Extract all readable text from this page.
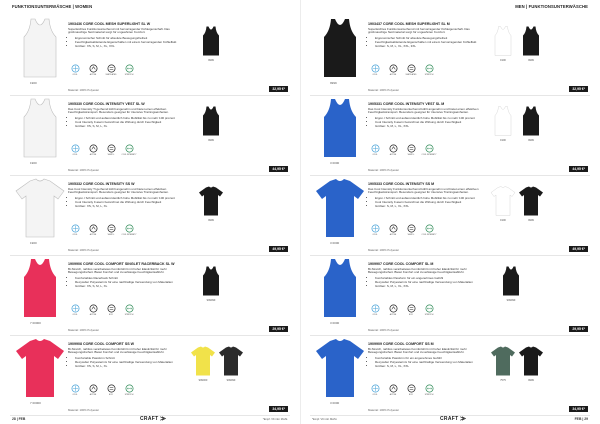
FUNKTIONSUNTERWÄSCHE | WOMEN
1900
1903436 CORE COOL MESH SUPERLIGHT SL W
Superleichtes Funktionsunterhemd mit hervorragender Kühleigenschaft. Das großmaschige Netzmaterial sorgt für ungeahnten Komfort.
• Ergonomischer Schnitt für absolute Bewegungsfreiheit
• Feuchtigkeitsableitende Eigenschaften mit einem hervorragenden Kühleffekt
• Größen: XS, S, M, L, XL, XXL
COOL	ACTIVE	VENTILATED	STRETCH
9999
Material: 100% Polyester	32,95 €*
1900
1905330 CORE COOL INTENSITY VEST SL W
Das Cool Intensity Tr.gerhemd kühlt angenehm und bietet einen effektiven Feuchtigkeitstransport. Besonders geeignet für intensive Trainingseinheiten.
• Ergon.r Schnitt und außerordentlich hohe Mobilität bis zu mehr 100 prozent
• Cool Intensity F.asern bezeichnet die Wirkung durch Feuchtigkeit
• Größen: XS, S, M, L, XL
COOL	ACTIVE	VENTIL.	COOL INTENSITY
9999
Material: 100% Polyester	44,95 €*
1900
1905332 CORE COOL INTENSITY SS W
Das Cool Intensity Tr.gerhemd kühlt angenehm und bietet einen effektiven Feuchtigkeitstransport. Besonders geeignet für intensive Trainingseinheiten.
• Ergon.r Schnitt und außerordentlich hohe Mobilität bis zu mehr 100 prozent
• Cool Intensity F.asern bezeichnet die Wirkung durch Feuchtigkeit
• Größen: XS, S, M, L, XL
COOL	ACTIVE	VENTIL.	COOL INTENSITY
9999
Material: 100% Polyester	49,95 €*
7 00000
1909906 CORE COOL COMFORT SINGLET RACERBACK SL W
Bi-Stretch, nahtlos verarbeitetes Komfortshirt mit hoher Elastizität für mehr Bewegungsfreiheit. Bietet Komfort und zuverlässige Feuchtigkeitsabfuhr.
• Komfortables Racerback Schnitt
• Recycelter Polyestermix für eine nachhaltige Verwendung von Materialien
• Größen: XS, S, M, L, XL
COOL	ACTIVE	ECO	STRETCH
999999
Material: 100% Polyester	29,95 €*
7 00000
1909908 CORE COOL COMFORT SS W
Bi-Stretch, nahtlos verarbeitetes Komfortshirt mit hoher Elastizität für mehr Bewegungsfreiheit. Bietet Komfort und zuverlässige Feuchtigkeitsabfuhr.
• Komfortable Passform Schnitt
• Recycelter Polyestermix für eine nachhaltige Verwendung von Materialien
• Größen: XS, S, M, L, XL
COOL	ACTIVE	ECO	STRETCH
999000	999999
Material: 100% Polyester	34,95 €*
28 | FEB	CRAFT ⨠	*Empf. VK inkl. MwSt.
MEN | FUNKTIONSUNTERWÄSCHE
9999
1903437 CORE COOL MESH SUPERLIGHT SL M
Superleichtes Funktionsunterhemd mit hervorragender Kühleigenschaft. Das großmaschige Netzmaterial sorgt für ungeahnten Komfort.
• Ergonomischer Schnitt für absolute Bewegungsfreiheit
• Feuchtigkeitsableitende Eigenschaften mit einem hervorragenden Kühleffekt
• Größen: S, M, L, XL, XXL, 3XL
COOL	ACTIVE	VENTILATED	STRETCH
1900	9999
Material: 100% Polyester	32,95 €*
3 0000
1905331 CORE COOL INTENSITY VEST SL M
Das Cool Intensity Funktionsunterhemd kühlt angenehm und bietet einen effektiven Feuchtigkeitstransport. Besonders geeignet für intensive Trainingseinheiten.
• Ergon.r Schnitt und außerordentlich hohe Mobilität bis zu mehr 100 prozent
• Cool Intensity F.asern bezeichnet die Wirkung durch Feuchtigkeit
• Größen: S, M, L, XL, XXL
COOL	ACTIVE	VENTIL.	COOL INTENSITY
1900	9999
Material: 100% Polyester	44,95 €*
3 0000
1905333 CORE COOL INTENSITY SS M
Das Cool Intensity Funktionsunterhemd kühlt angenehm und bietet einen effektiven Feuchtigkeitstransport. Besonders geeignet für intensive Trainingseinheiten.
• Ergon.r Schnitt und außerordentlich hohe Mobilität bis zu mehr 100 prozent
• Cool Intensity F.asern bezeichnet die Wirkung durch Feuchtigkeit
• Größen: S, M, L, XL, XXL
COOL	ACTIVE	VENTIL.	COOL INTENSITY
1900	9999
Material: 100% Polyester	49,95 €*
3 0000
1909907 CORE COOL COMFORT SL M
Bi-Stretch, nahtlos verarbeitetes Komfortshirt mit hoher Elastizität für mehr Bewegungsfreiheit. Bietet Komfort und zuverlässige Feuchtigkeitsabfuhr.
• Komfortables Passform für ein angenehmes Gefühl
• Recycelter Polyestermix für eine nachhaltige Verwendung von Materialien
• Größen: S, M, L, XL, XXL
COOL	ACTIVE	ECO	STRETCH
999999
Material: 100% Polyester	29,95 €*
3 0000
1909909 CORE COOL COMFORT SS M
Bi-Stretch, nahtlos verarbeitetes Komfortshirt mit hoher Elastizität für mehr Bewegungsfreiheit. Bietet Komfort und zuverlässige Feuchtigkeitsabfuhr.
• Komfortable Passform für ein angenehmes Gefühl
• Recycelter Polyestermix für eine nachhaltige Verwendung von Materialien
• Größen: S, M, L, XL, XXL
COOL	ACTIVE	ECO	STRETCH
7575	9999
Material: 100% Polyester	34,95 €*
FEB | 29
CRAFT ⨠
*Empf. VK inkl. MwSt.
